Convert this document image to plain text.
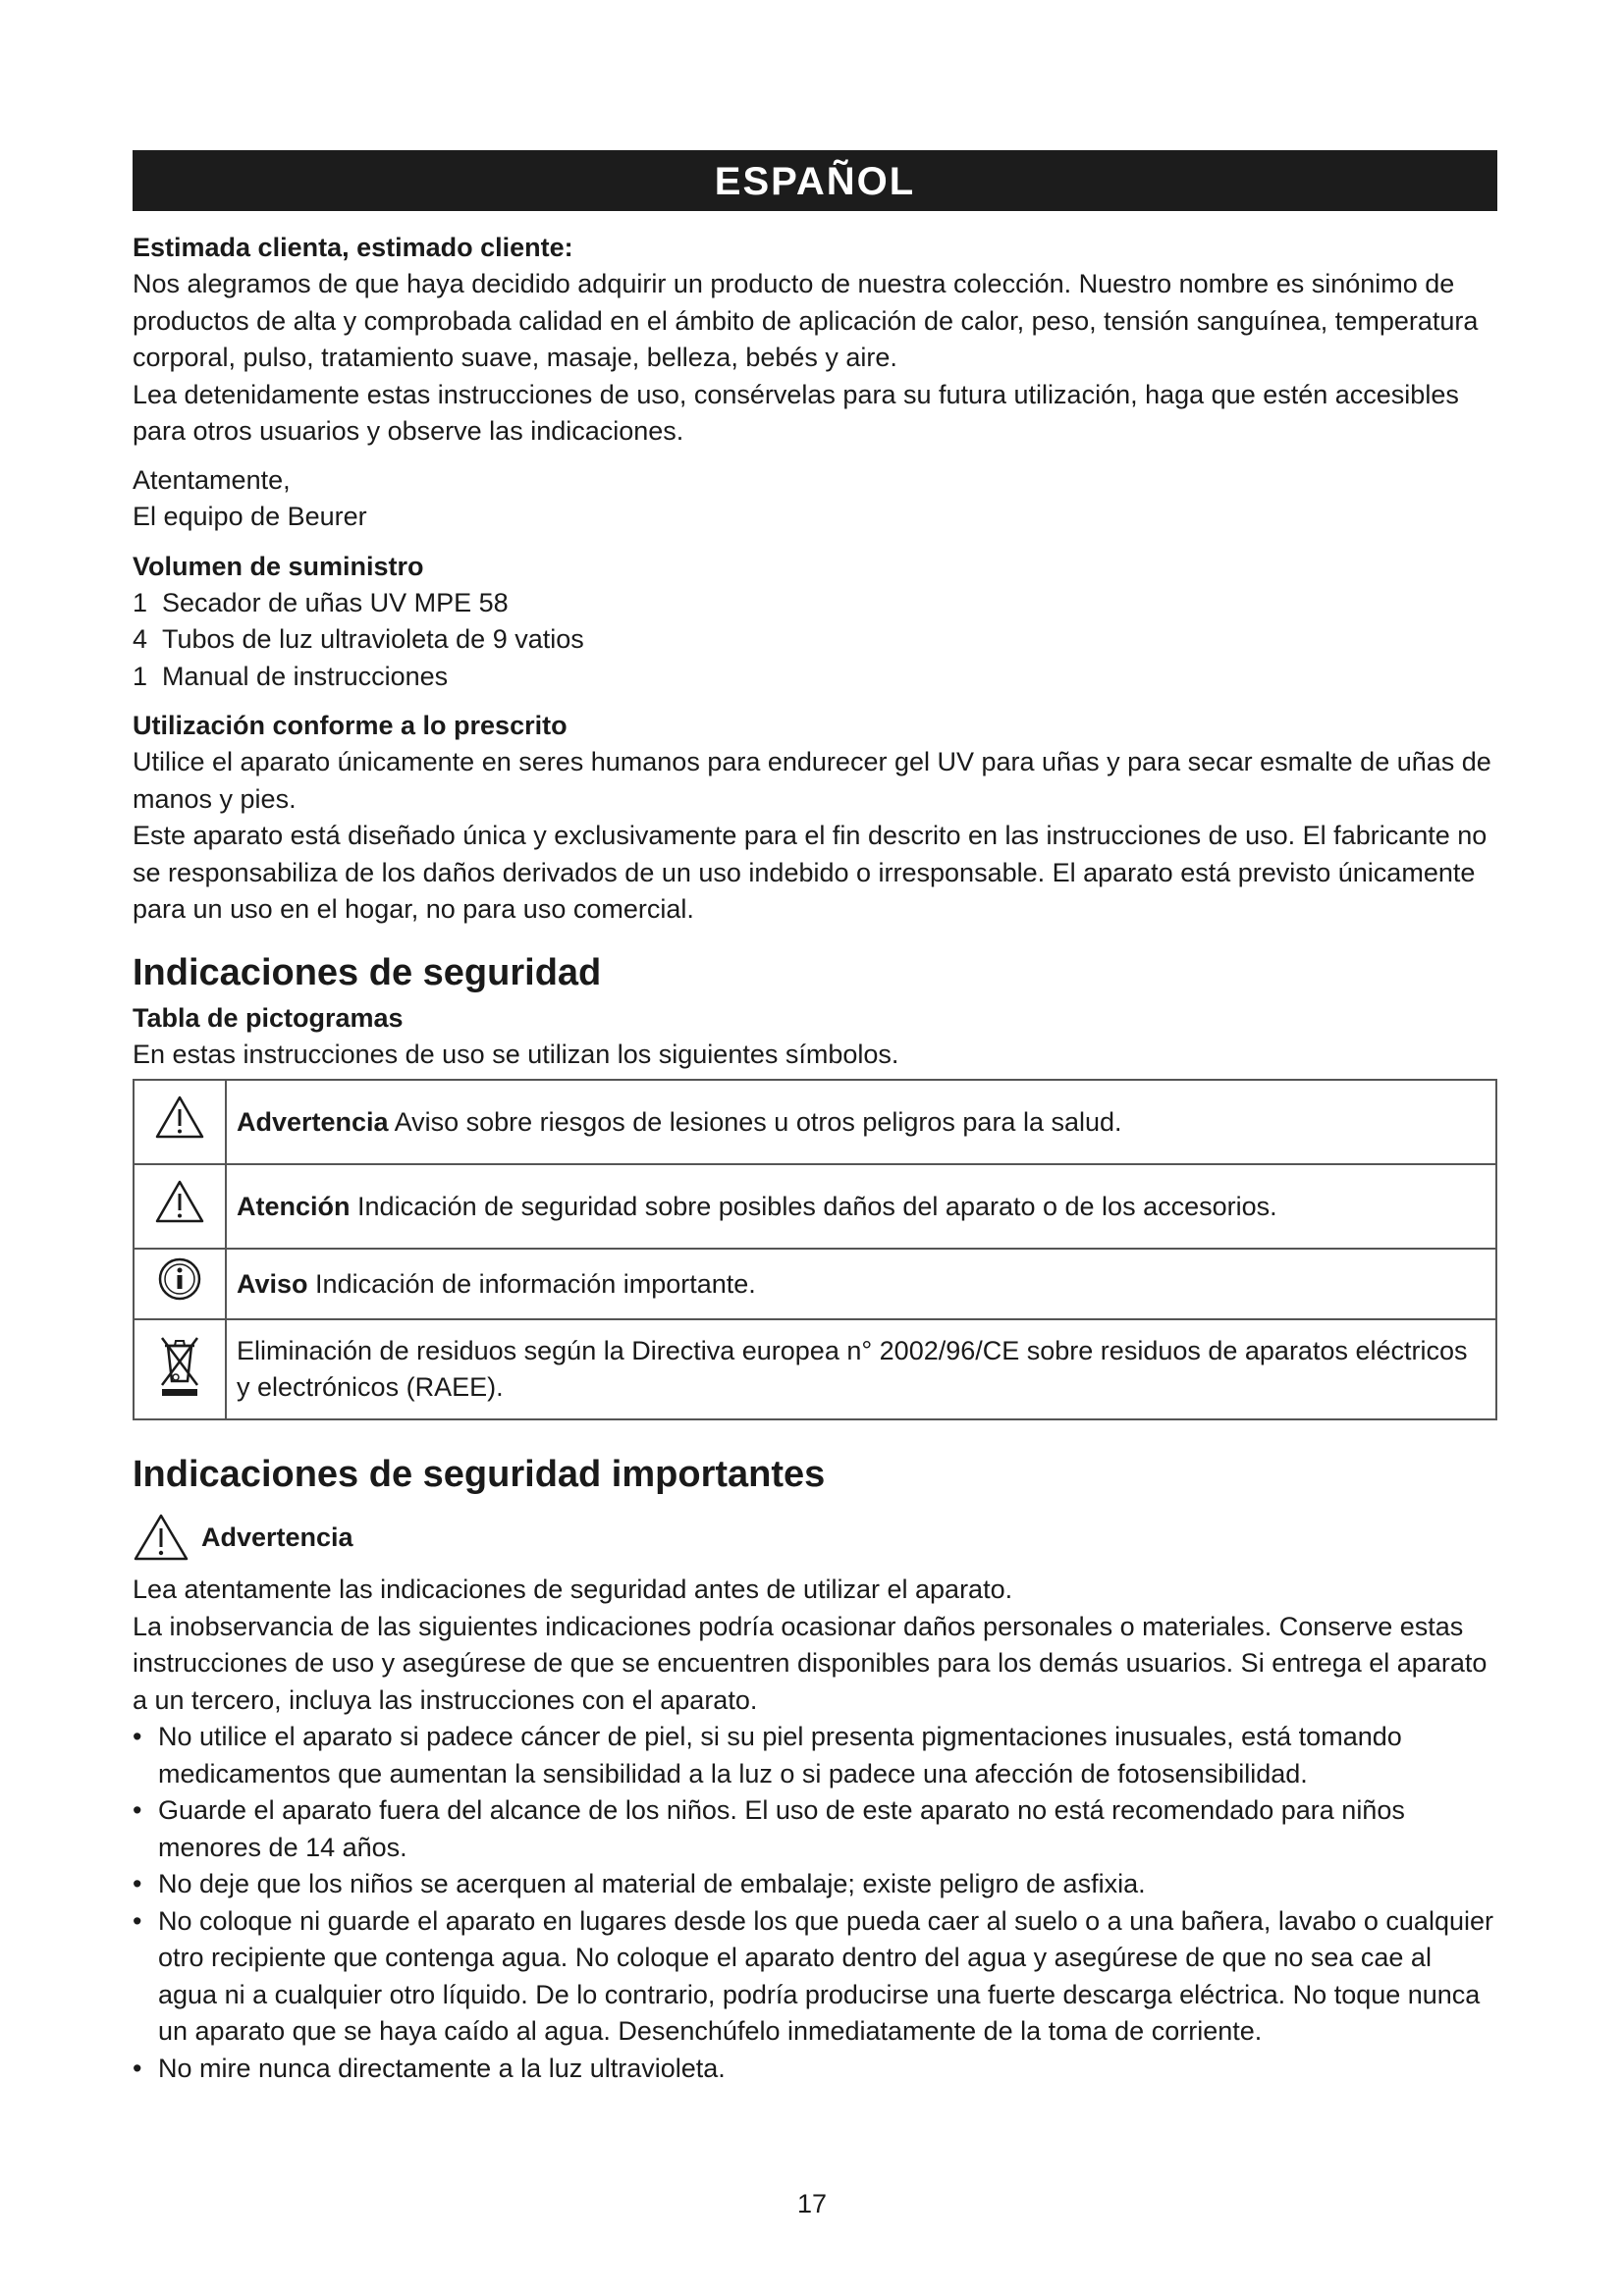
ESPAÑOL
Estimada clienta, estimado cliente:

Nos alegramos de que haya decidido adquirir un producto de nuestra colección. Nuestro nombre es sinónimo de productos de alta y comprobada calidad en el ámbito de aplicación de calor, peso, tensión sanguínea, temperatura corporal, pulso, tratamiento suave, masaje, belleza, bebés y aire.

Lea detenidamente estas instrucciones de uso, consérvelas para su futura utilización, haga que estén accesibles para otros usuarios y observe las indicaciones.

Atentamente,

El equipo de Beurer

Volumen de suministro
1 Secador de uñas UV MPE 58
4 Tubos de luz ultravioleta de 9 vatios
1 Manual de instrucciones
Utilización conforme a lo prescrito

Utilice el aparato únicamente en seres humanos para endurecer gel UV para uñas y para secar esmalte de uñas de manos y pies.

Este aparato está diseñado única y exclusivamente para el fin descrito en las instrucciones de uso. El fabricante no se responsabiliza de los daños derivados de un uso indebido o irresponsable. El aparato está previsto únicamente para un uso en el hogar, no para uso comercial.

Indicaciones de seguridad
Tabla de pictogramas

En estas instrucciones de uso se utilizan los siguientes símbolos.

	Advertencia Aviso sobre riesgos de lesiones u otros peligros para la salud.
	Atención Indicación de seguridad sobre posibles daños del aparato o de los accesorios.
	Aviso Indicación de información importante.
	Eliminación de residuos según la Directiva europea n° 2002/96/CE sobre residuos de aparatos eléctricos y electrónicos (RAEE).
Indicaciones de seguridad importantes
Advertencia

Lea atentamente las indicaciones de seguridad antes de utilizar el aparato.

La inobservancia de las siguientes indicaciones podría ocasionar daños personales o materiales. Conserve estas instrucciones de uso y asegúrese de que se encuentren disponibles para los demás usuarios. Si entrega el aparato a un tercero, incluya las instrucciones con el aparato.

• No utilice el aparato si padece cáncer de piel, si su piel presenta pigmentaciones inusuales, está tomando medicamentos que aumentan la sensibilidad a la luz o si padece una afección de fotosensibilidad.
• Guarde el aparato fuera del alcance de los niños. El uso de este aparato no está recomendado para niños menores de 14 años.
• No deje que los niños se acerquen al material de embalaje; existe peligro de asfixia.
• No coloque ni guarde el aparato en lugares desde los que pueda caer al suelo o a una bañera, lavabo o cualquier otro recipiente que contenga agua. No coloque el aparato dentro del agua y asegúrese de que no sea cae al agua ni a cualquier otro líquido. De lo contrario, podría producirse una fuerte descarga eléctrica. No toque nunca un aparato que se haya caído al agua. Desenchúfelo inmediatamente de la toma de corriente.
• No mire nunca directamente a la luz ultravioleta.
17
